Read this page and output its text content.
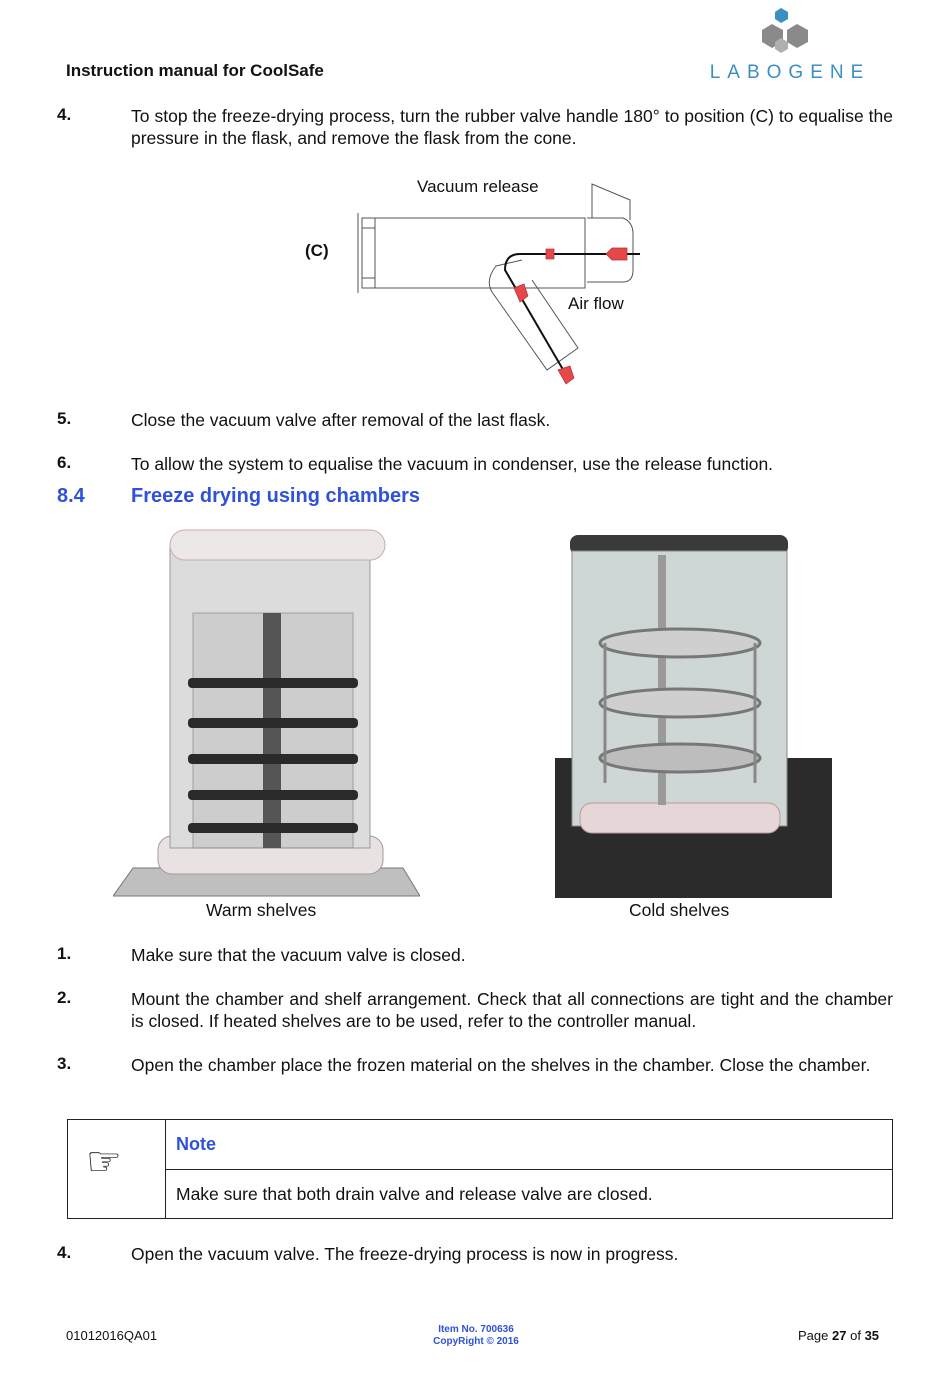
Instruction manual for CoolSafe	LABOGENE
4.	To stop the freeze-drying process, turn the rubber valve handle 180° to position (C) to equalise the pressure in the flask, and remove the flask from the cone.
Vacuum release
(C)
Air flow
5.	Close the vacuum valve after removal of the last flask.
6.	To allow the system to equalise the vacuum in condenser, use the release function.
8.4 Freeze drying using chambers
Warm shelves	Cold shelves
1.	Make sure that the vacuum valve is closed.
2.	Mount the chamber and shelf arrangement. Check that all connections are tight and the chamber is closed. If heated shelves are to be used, refer to the controller manual.
3.	Open the chamber place the frozen material on the shelves in the chamber. Close the chamber.
☞	Note
Make sure that both drain valve and release valve are closed.
4.	Open the vacuum valve. The freeze-drying process is now in progress.
01012016QA01	Item No. 700636
CopyRight © 2016	Page 27 of 35
